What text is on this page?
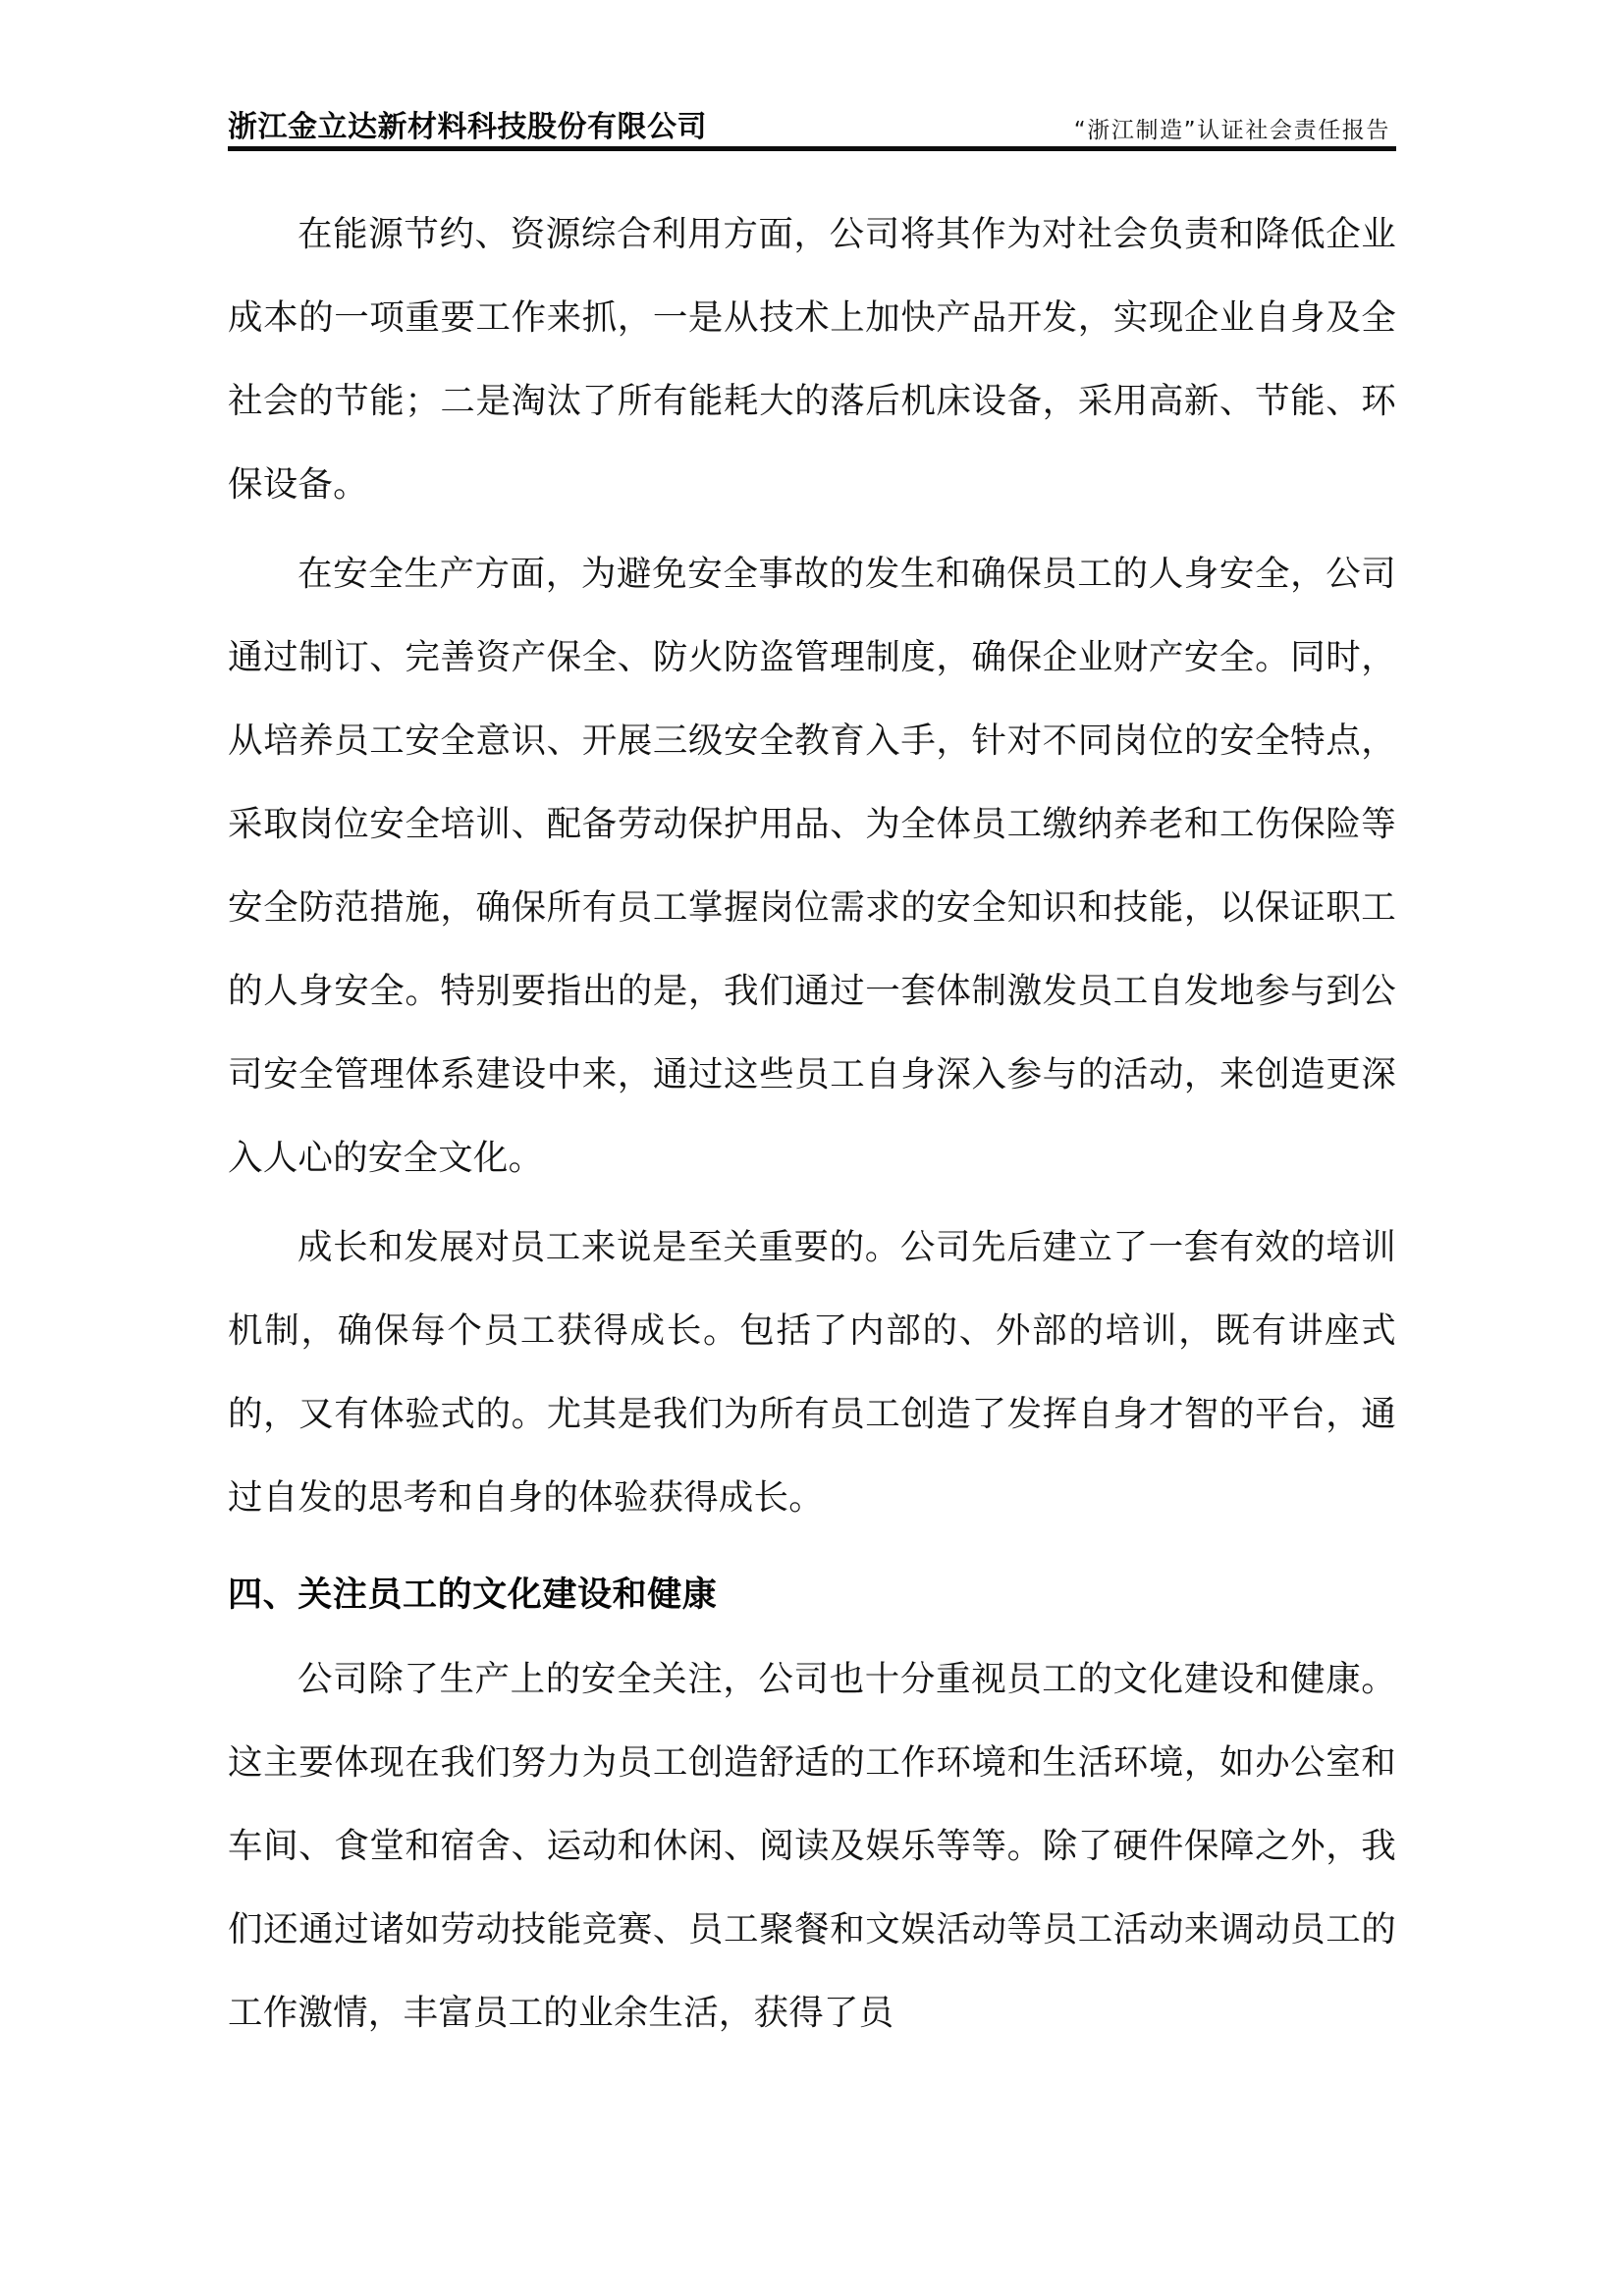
浙江金立达新材料科技股份有限公司	“浙江制造”认证社会责任报告

在能源节约、资源综合利用方面，公司将其作为对社会负责和降低企业成本的一项重要工作来抓，一是从技术上加快产品开发，实现企业自身及全社会的节能；二是淘汰了所有能耗大的落后机床设备，采用高新、节能、环保设备。

在安全生产方面，为避免安全事故的发生和确保员工的人身安全，公司通过制订、完善资产保全、防火防盗管理制度，确保企业财产安全。同时，从培养员工安全意识、开展三级安全教育入手，针对不同岗位的安全特点，采取岗位安全培训、配备劳动保护用品、为全体员工缴纳养老和工伤保险等安全防范措施，确保所有员工掌握岗位需求的安全知识和技能，以保证职工的人身安全。特别要指出的是，我们通过一套体制激发员工自发地参与到公司安全管理体系建设中来，通过这些员工自身深入参与的活动，来创造更深入人心的安全文化。

成长和发展对员工来说是至关重要的。公司先后建立了一套有效的培训机制，确保每个员工获得成长。包括了内部的、外部的培训，既有讲座式的，又有体验式的。尤其是我们为所有员工创造了发挥自身才智的平台，通过自发的思考和自身的体验获得成长。

四、关注员工的文化建设和健康

公司除了生产上的安全关注，公司也十分重视员工的文化建设和健康。这主要体现在我们努力为员工创造舒适的工作环境和生活环境，如办公室和车间、食堂和宿舍、运动和休闲、阅读及娱乐等等。除了硬件保障之外，我们还通过诸如劳动技能竞赛、员工聚餐和文娱活动等员工活动来调动员工的工作激情，丰富员工的业余生活，获得了员
